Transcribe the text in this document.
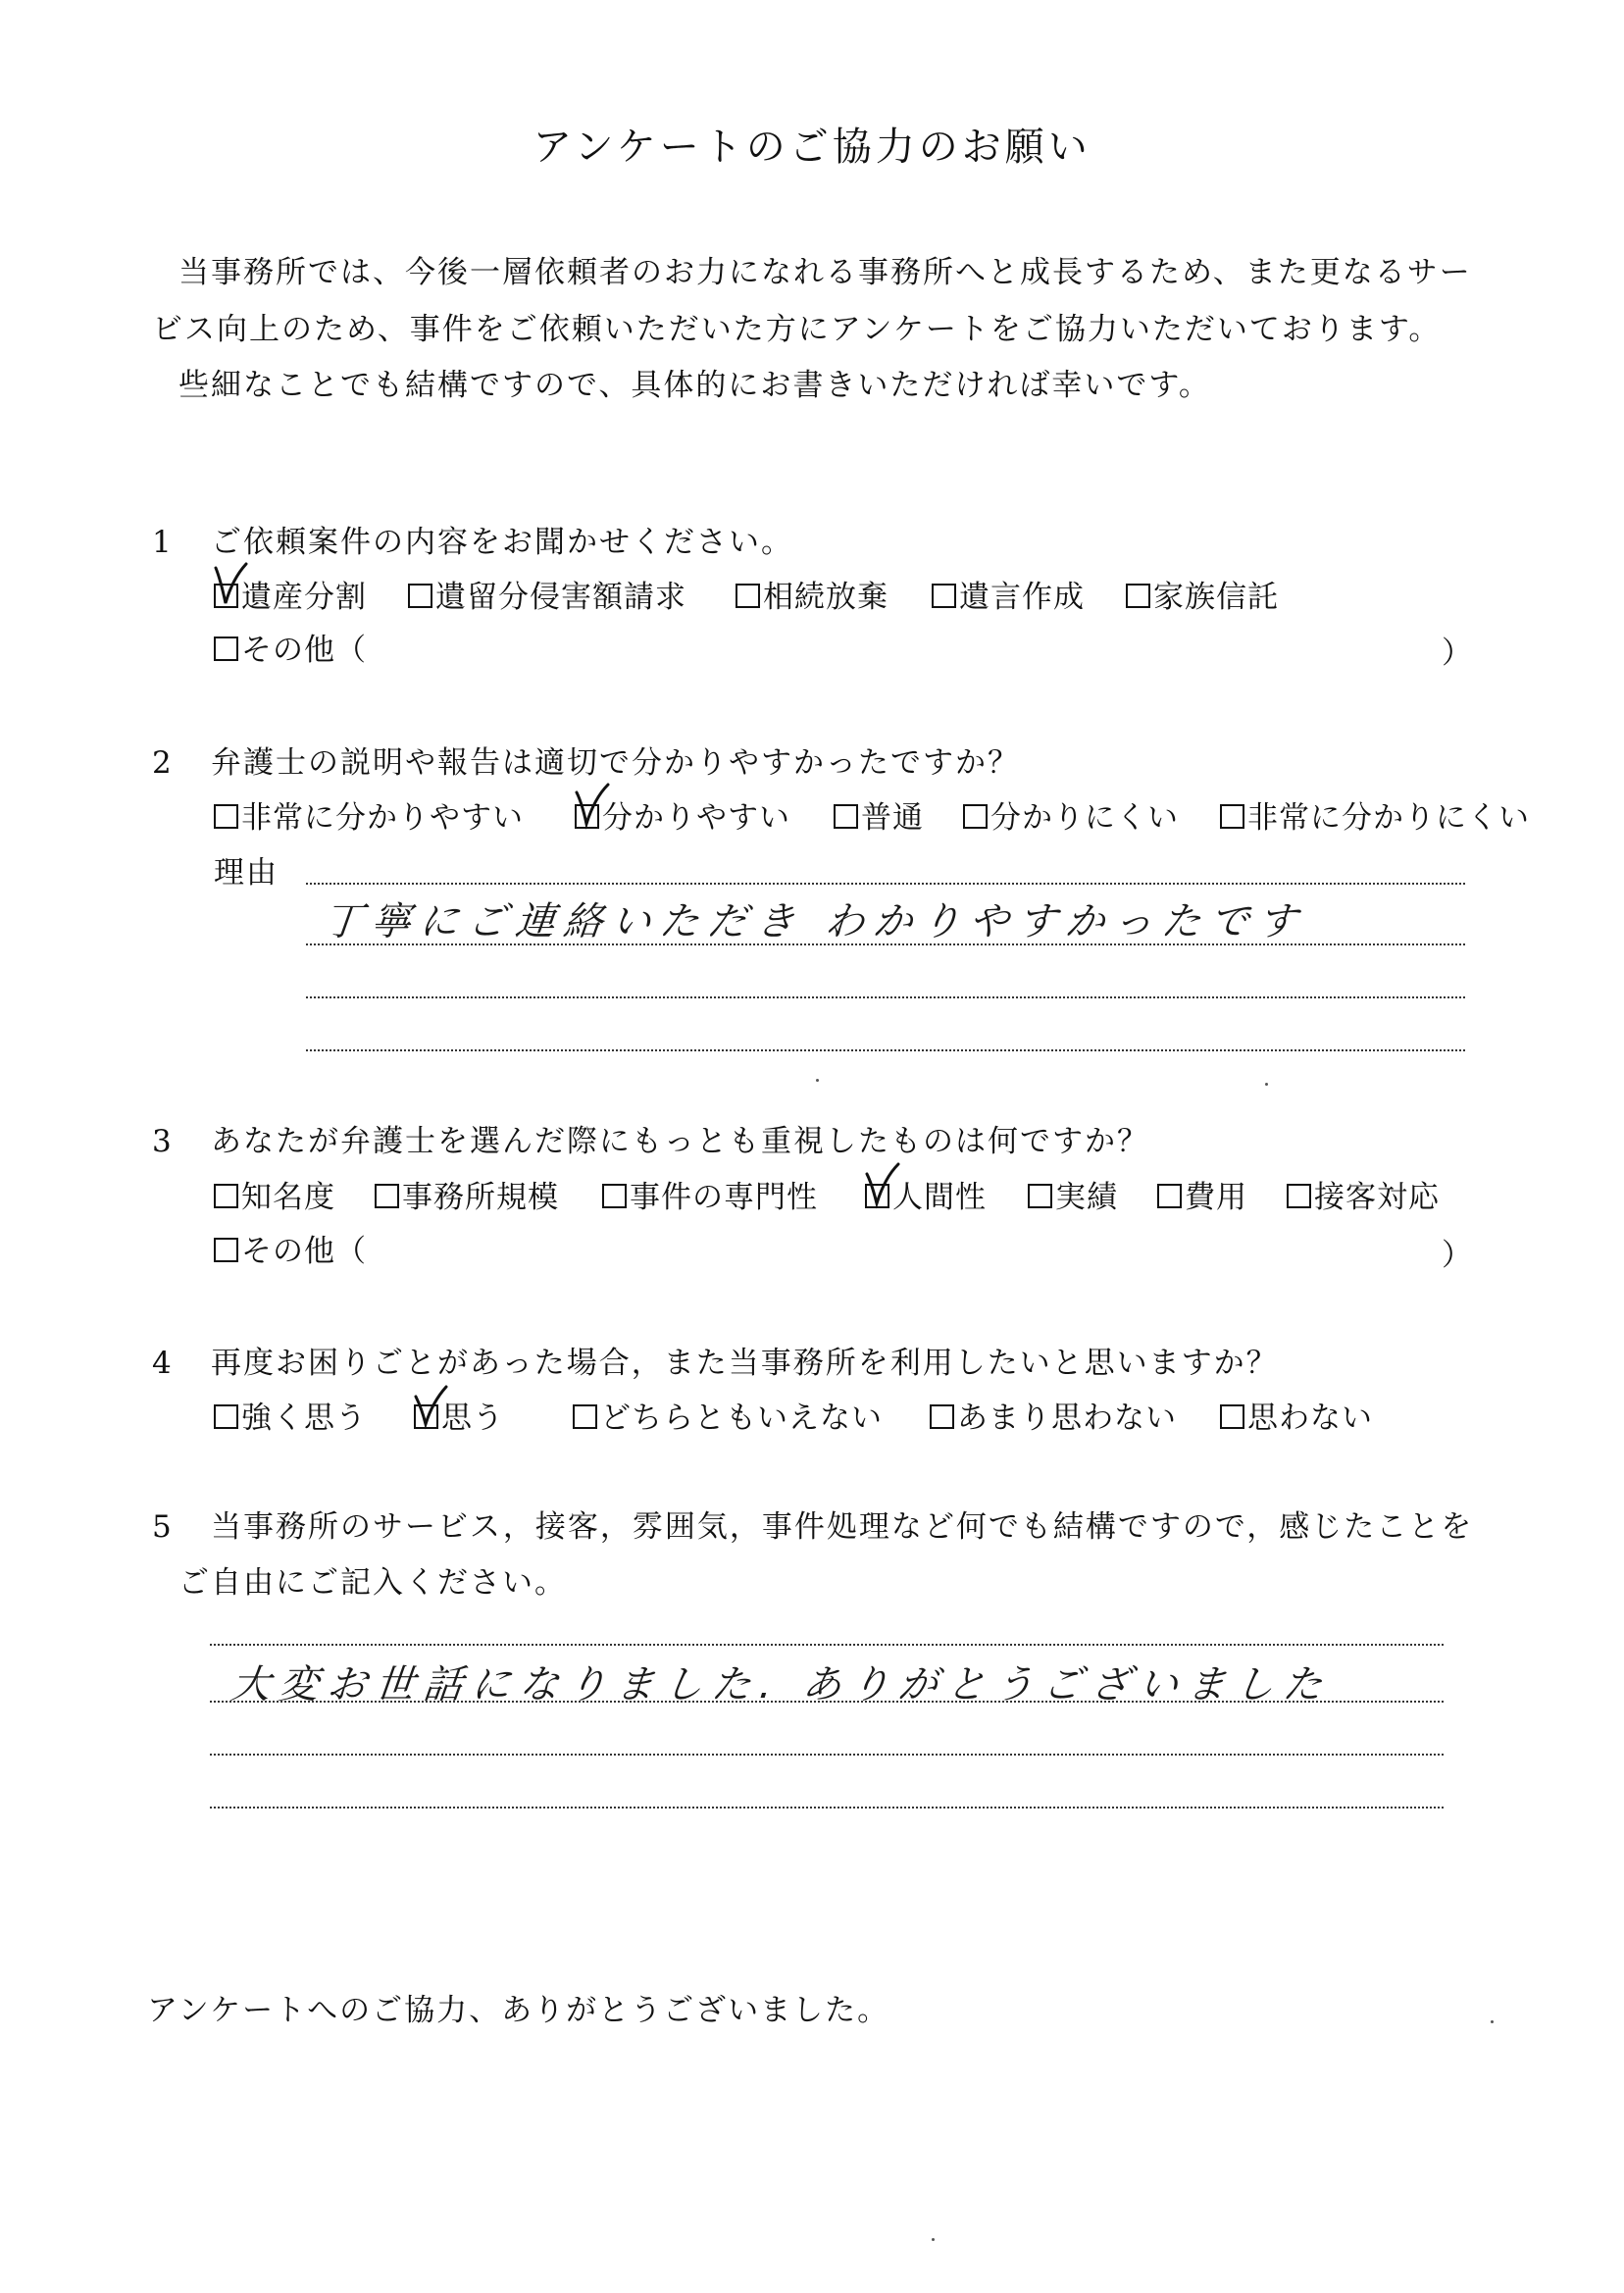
アンケートのご協力のお願い
当事務所では、今後一層依頼者のお力になれる事務所へと成長するため、また更なるサー
ビス向上のため、事件をご依頼いただいた方にアンケートをご協力いただいております。
些細なことでも結構ですので、具体的にお書きいただければ幸いです。
1 ご依頼案件の内容をお聞かせください。
遺産分割	遺留分侵害額請求	相続放棄	遺言作成	家族信託
その他（	）
2 弁護士の説明や報告は適切で分かりやすかったですか？
非常に分かりやすい	分かりやすい	普通	分かりにくい	非常に分かりにくい
理由
丁寧にご連絡いただき わかりやすかったです
3 あなたが弁護士を選んだ際にもっとも重視したものは何ですか？
知名度	事務所規模	事件の専門性	人間性	実績	費用	接客対応
その他（	）
4 再度お困りごとがあった場合，また当事務所を利用したいと思いますか？
強く思う	思う	どちらともいえない	あまり思わない	思わない
5 当事務所のサービス，接客，雰囲気，事件処理など何でも結構ですので，感じたことを
ご自由にご記入ください。
大変お世話になりました. ありがとうございました
アンケートへのご協力、ありがとうございました。
